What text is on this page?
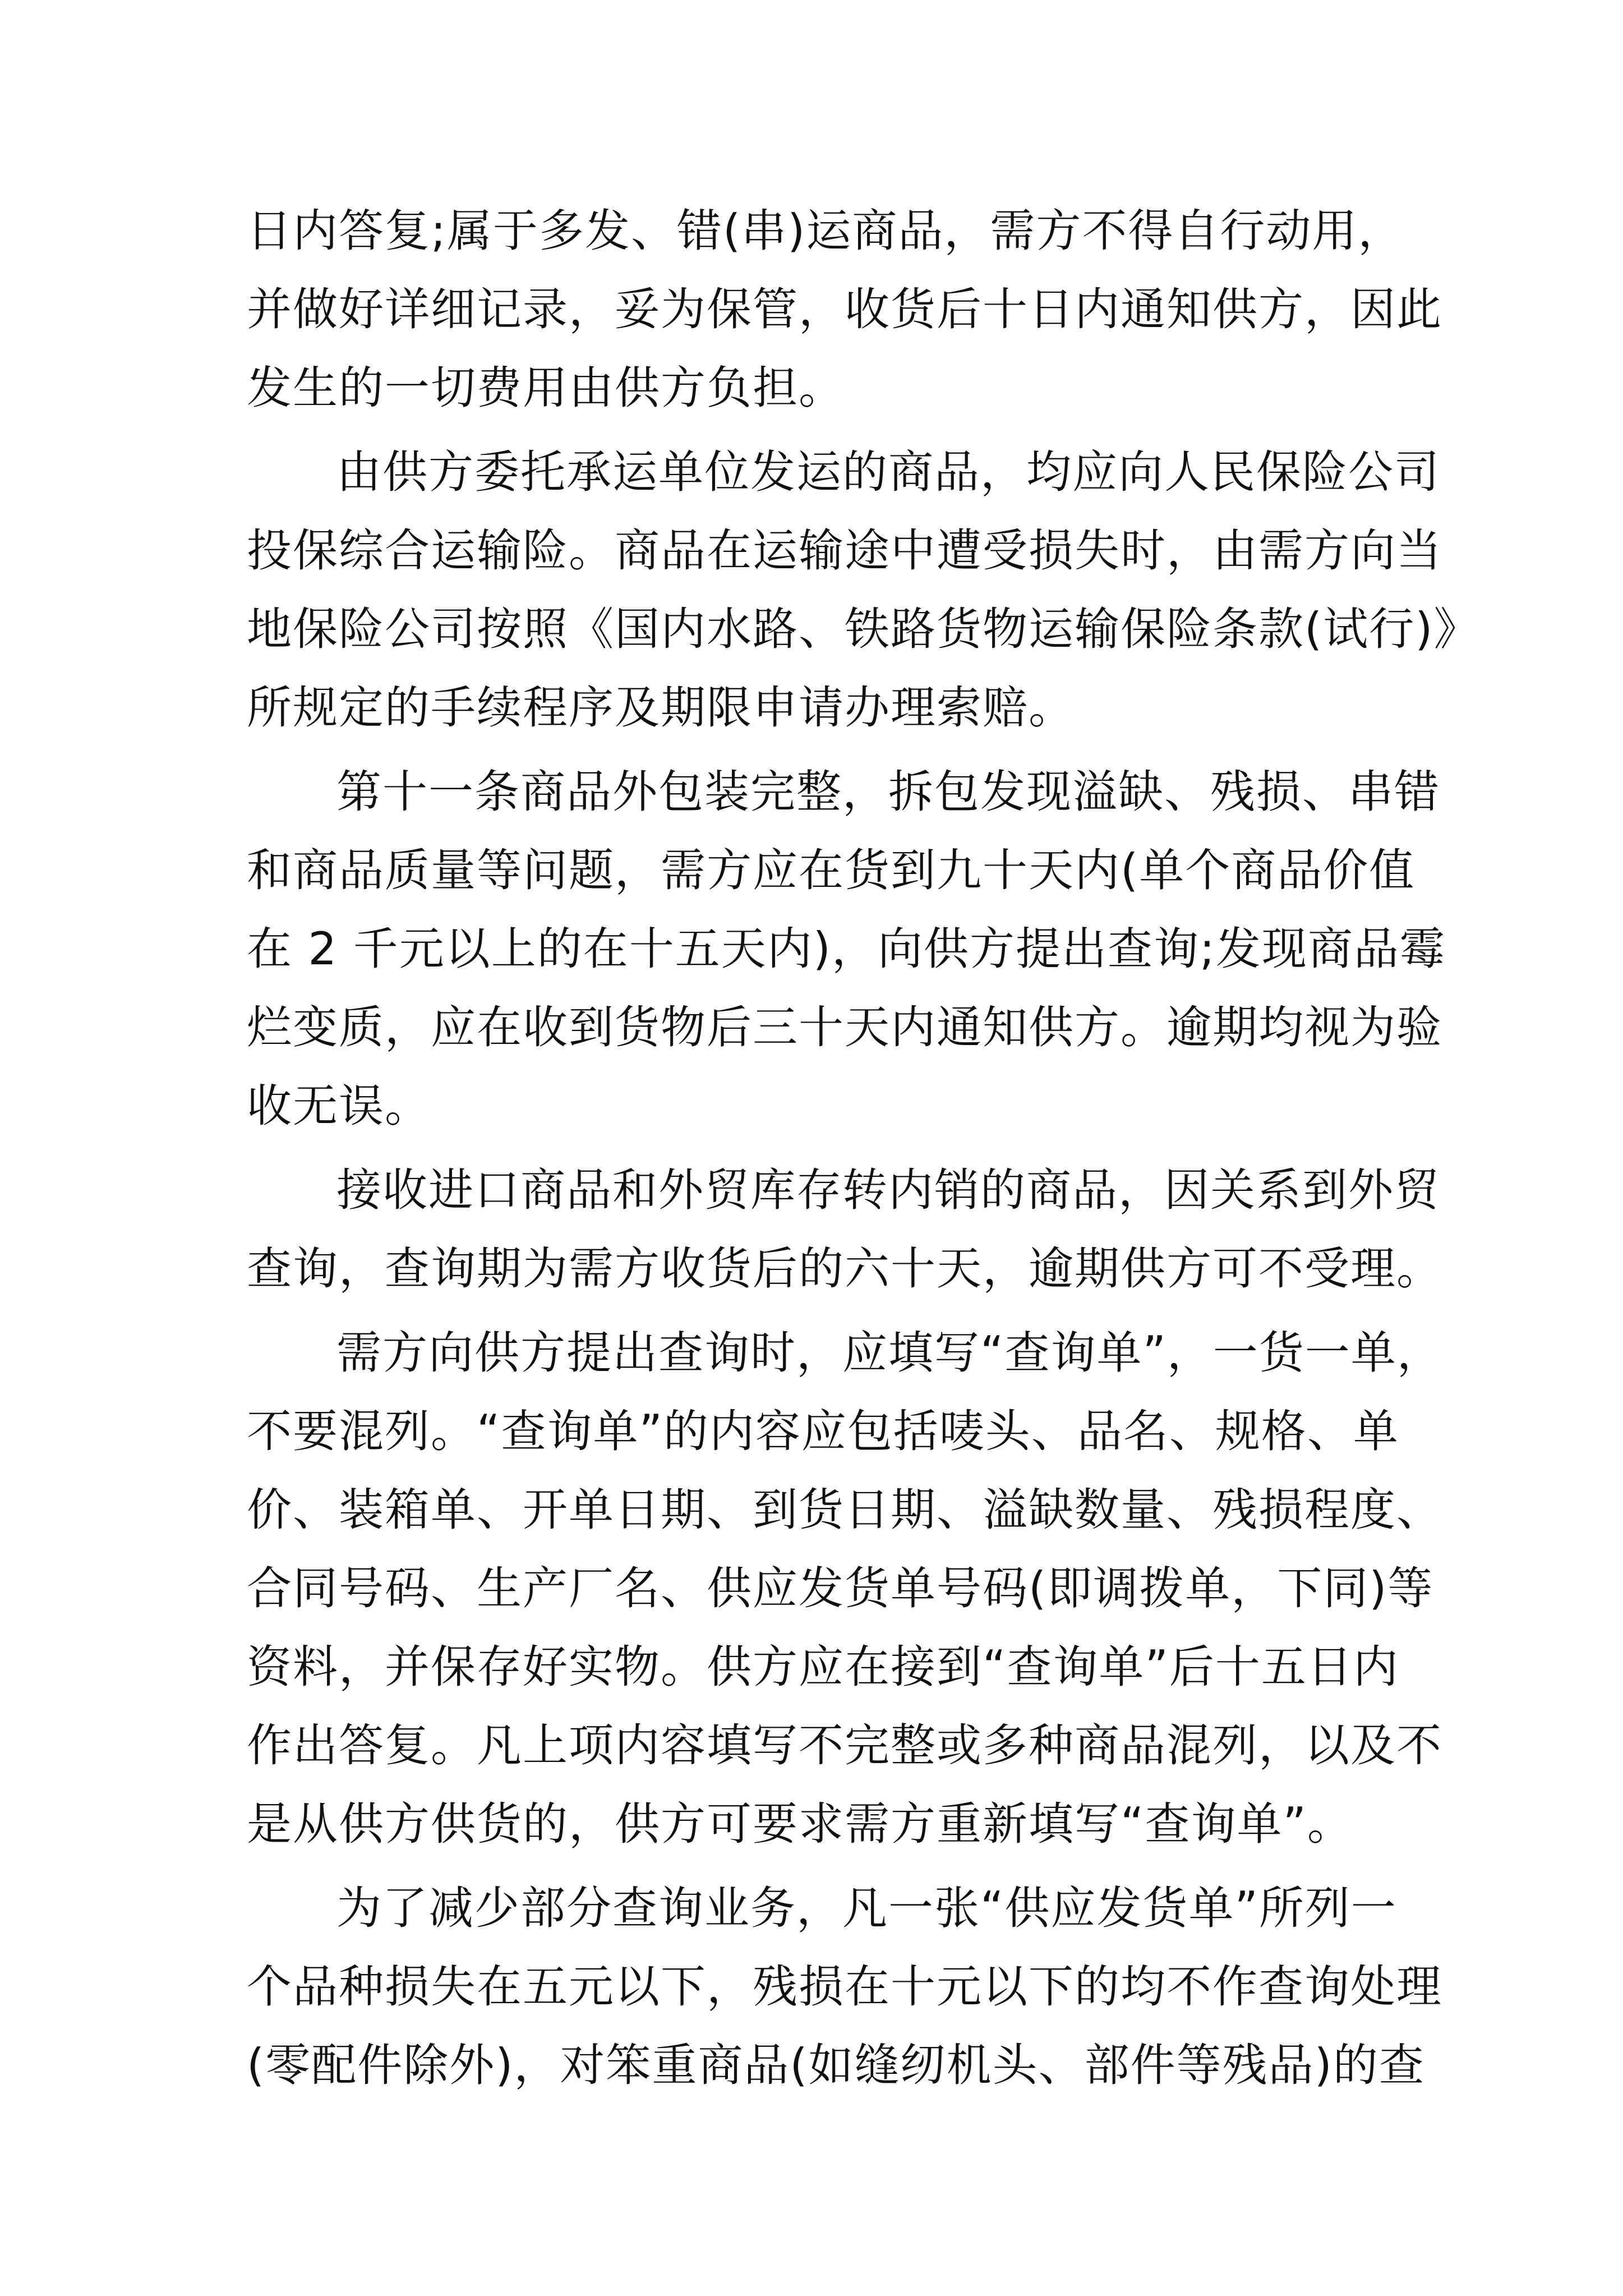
日内答复;属于多发、错(串)运商品，需方不得自行动用，
并做好详细记录，妥为保管，收货后十日内通知供方，因此
发生的一切费用由供方负担。
由供方委托承运单位发运的商品，均应向人民保险公司
投保综合运输险。商品在运输途中遭受损失时，由需方向当
地保险公司按照《国内水路、铁路货物运输保险条款(试行)》
所规定的手续程序及期限申请办理索赔。
第十一条商品外包装完整，拆包发现溢缺、残损、串错
和商品质量等问题，需方应在货到九十天内(单个商品价值
在 2 千元以上的在十五天内)，向供方提出查询;发现商品霉
烂变质，应在收到货物后三十天内通知供方。逾期均视为验
收无误。
接收进口商品和外贸库存转内销的商品，因关系到外贸
查询，查询期为需方收货后的六十天，逾期供方可不受理。
需方向供方提出查询时，应填写“查询单”，一货一单，
不要混列。“查询单”的内容应包括唛头、品名、规格、单
价、装箱单、开单日期、到货日期、溢缺数量、残损程度、
合同号码、生产厂名、供应发货单号码(即调拨单，下同)等
资料，并保存好实物。供方应在接到“查询单”后十五日内
作出答复。凡上项内容填写不完整或多种商品混列，以及不
是从供方供货的，供方可要求需方重新填写“查询单”。
为了减少部分查询业务，凡一张“供应发货单”所列一
个品种损失在五元以下，残损在十元以下的均不作查询处理
(零配件除外)，对笨重商品(如缝纫机头、部件等残品)的查
